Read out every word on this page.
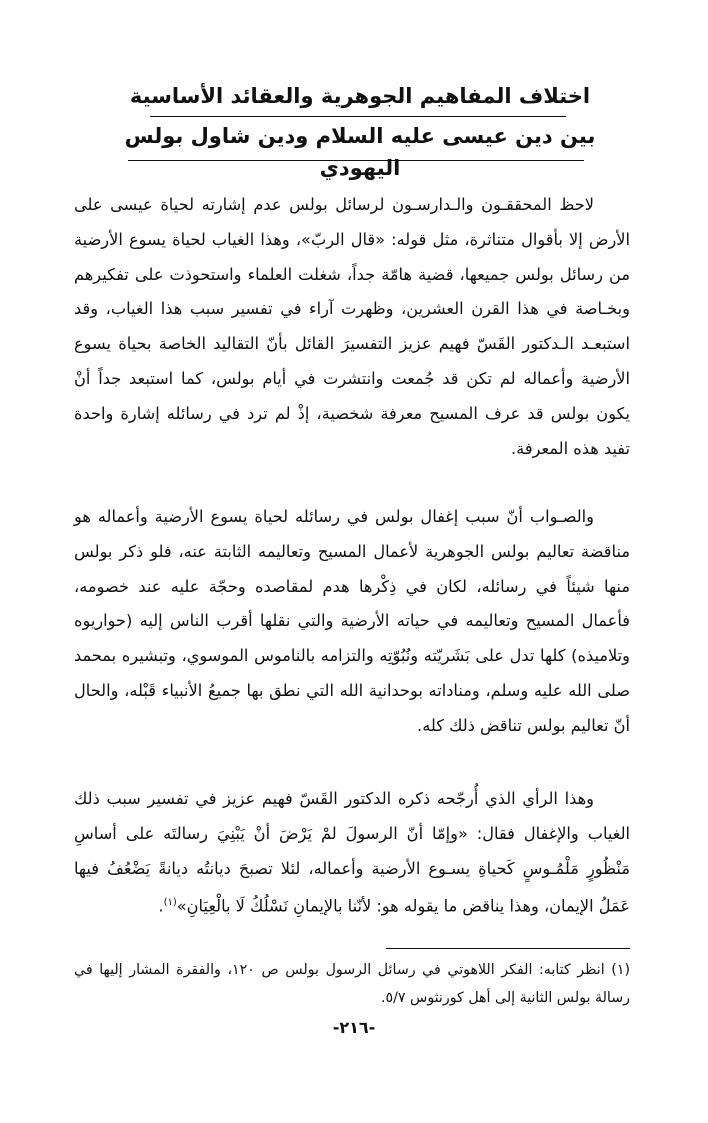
اختلاف المفاهيم الجوهرية والعقائد الأساسية
بين دين عيسى عليه السلام ودين شاول بولس اليهودي

لاحظ المحققـون والـدارسـون لرسائل بولس عدم إشارته لحياة عيسى على الأرض إلا بأقوال متناثرة، مثل قوله: «قال الربّ»، وهذا الغياب لحياة يسوع الأرضية من رسائل بولس جميعها، قضية هامّة جداً، شغلت العلماء واستحوذت على تفكيرهم وبخـاصة في هذا القرن العشرين، وظهرت آراء في تفسير سبب هذا الغياب، وقد استبعـد الـدكتور القَسّ فهيم عزيز التفسيرَ القائل بأنّ التقاليد الخاصة بحياة يسوع الأرضية وأعماله لم تكن قد جُمعت وانتشرت في أيام بولس، كما استبعد جداً أنْ يكون بولس قد عرف المسيح معرفة شخصية، إذْ لم ترد في رسائله إشارة واحدة تفيد هذه المعرفة.

والصـواب أنّ سبب إغفال بولس في رسائله لحياة يسوع الأرضية وأعماله هو مناقضة تعاليم بولس الجوهرية لأعمال المسيح وتعاليمه الثابتة عنه، فلو ذكر بولس منها شيئاً في رسائله، لكان في ذِكْرها هدم لمقاصده وحجّة عليه عند خصومه، فأعمال المسيح وتعاليمه في حياته الأرضية والتي نقلها أقرب الناس إليه (حواريوه وتلاميذه) كلها تدل على بَشَريّته ونُبُوّتِه والتزامه بالناموس الموسوي، وتبشيره بمحمد صلى الله عليه وسلم، ومناداته بوحدانية الله التي نطق بها جميعُ الأنبياء قَبْله، والحال أنّ تعاليم بولس تناقض ذلك كله.

وهذا الرأي الذي أُرجّحه ذكره الدكتور القَسّ فهيم عزيز في تفسير سبب ذلك الغياب والإغفال فقال: «وإمّا أنّ الرسولَ لمْ يَرْضَ أنْ يَبْنِيَ رسالتَه على أساسِ مَنْظُورٍ مَلْمُـوسٍ كَحياةِ يسـوع الأرضية وأعماله، لئلا تصبحَ ديانتُه ديانةً يَضْعُفُ فيها عَمَلُ الإيمان، وهذا يناقض ما يقوله هو: لأنّنا بالإيمانِ نَسْلُكُ لَا بالْعِيَانِ»$^{(١)}$.

(١) انظر كتابه: الفكر اللاهوتي في رسائل الرسول بولس ص ١٢٠، والفقرة المشار إليها في رسالة بولس الثانية إلى أهل كورنثوس ٥/٧.

-٢١٦-
